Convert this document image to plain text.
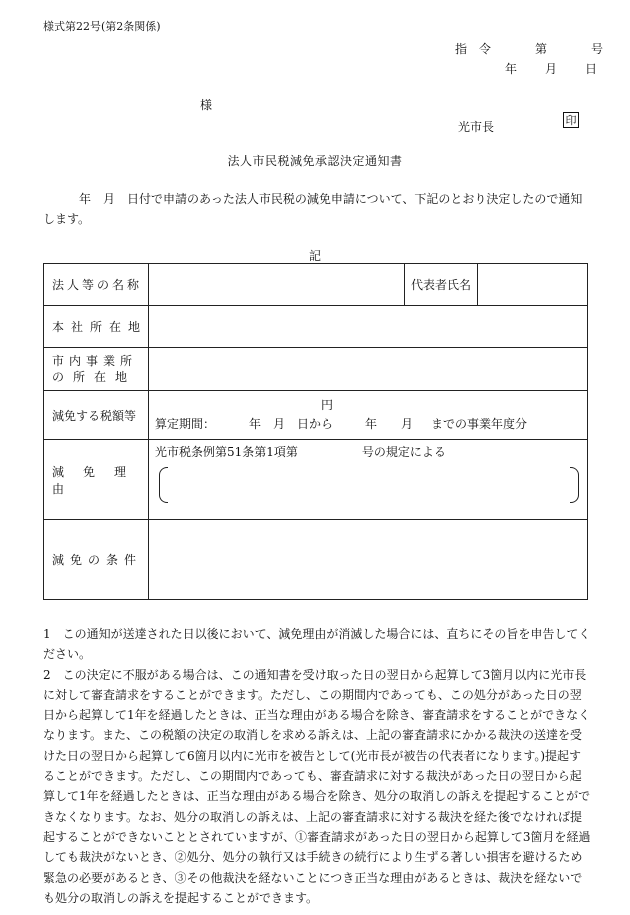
様式第22号(第2条関係)
指　令	第	号
年 月 日
様
光市長	印
法人市民税減免承認決定通知書
年　月　日付で申請のあった法人市民税の減免申請について、下記のとおり決定したので通知します。
記
法人等の名称		代表者氏名	
本社所在地			

市内事業所
の所在地			

減免する税額等	円
算定期間： 年　月　日から 年　　月 までの事業年度分		

減免理由	光市税条例第51条第1項第 号の規定による		

減免の条件			

1　この通知が送達された日以後において、減免理由が消滅した場合には、直ちにその旨を申告してください。

2　この決定に不服がある場合は、この通知書を受け取った日の翌日から起算して3箇月以内に光市長に対して審査請求をすることができます。ただし、この期間内であっても、この処分があった日の翌日から起算して1年を経過したときは、正当な理由がある場合を除き、審査請求をすることができなくなります。また、この税額の決定の取消しを求める訴えは、上記の審査請求にかかる裁決の送達を受けた日の翌日から起算して6箇月以内に光市を被告として(光市長が被告の代表者になります。)提起することができます。ただし、この期間内であっても、審査請求に対する裁決があった日の翌日から起算して1年を経過したときは、正当な理由がある場合を除き、処分の取消しの訴えを提起することができなくなります。なお、処分の取消しの訴えは、上記の審査請求に対する裁決を経た後でなければ提起することができないこととされていますが、①審査請求があった日の翌日から起算して3箇月を経過しても裁決がないとき、②処分、処分の執行又は手続きの続行により生ずる著しい損害を避けるため緊急の必要があるとき、③その他裁決を経ないことにつき正当な理由があるときは、裁決を経ないでも処分の取消しの訴えを提起することができます。
